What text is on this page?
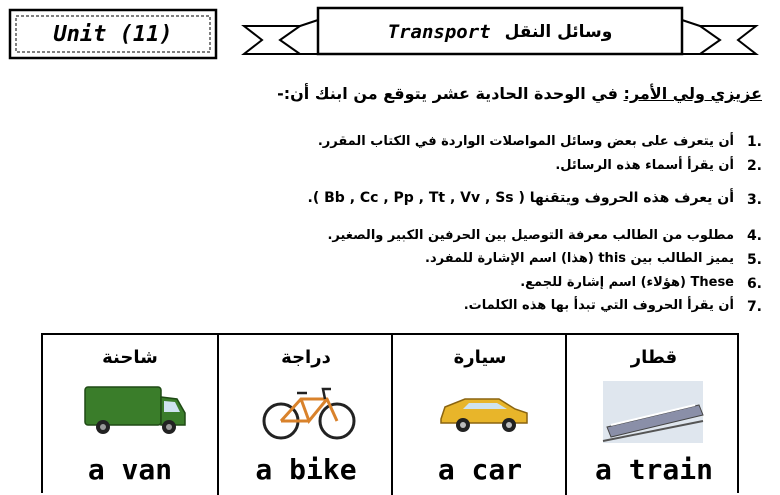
Unit (11)	Transport وسائل النقل
عزيزي ولي الأمر: في الوحدة الحادية عشر يتوقع من ابنك أن:-
1.
أن يتعرف على بعض وسائل المواصلات الواردة في الكتاب المقرر.
2.
أن يقرأ أسماء هذه الرسائل.
3.
أن يعرف هذه الحروف ويتقنها ( Bb , Cc , Pp , Tt , Vv , Ss ).
4.
مطلوب من الطالب معرفة التوصيل بين الحرفين الكبير والصغير.
5.
يميز الطالب بين this (هذا) اسم الإشارة للمفرد.
6.
These (هؤلاء) اسم إشارة للجمع.
7.
أن يقرأ الحروف التي تبدأ بها هذه الكلمات.
شاحنة
a van
دراجة
a bike
سيارة
a car
قطار
a train
